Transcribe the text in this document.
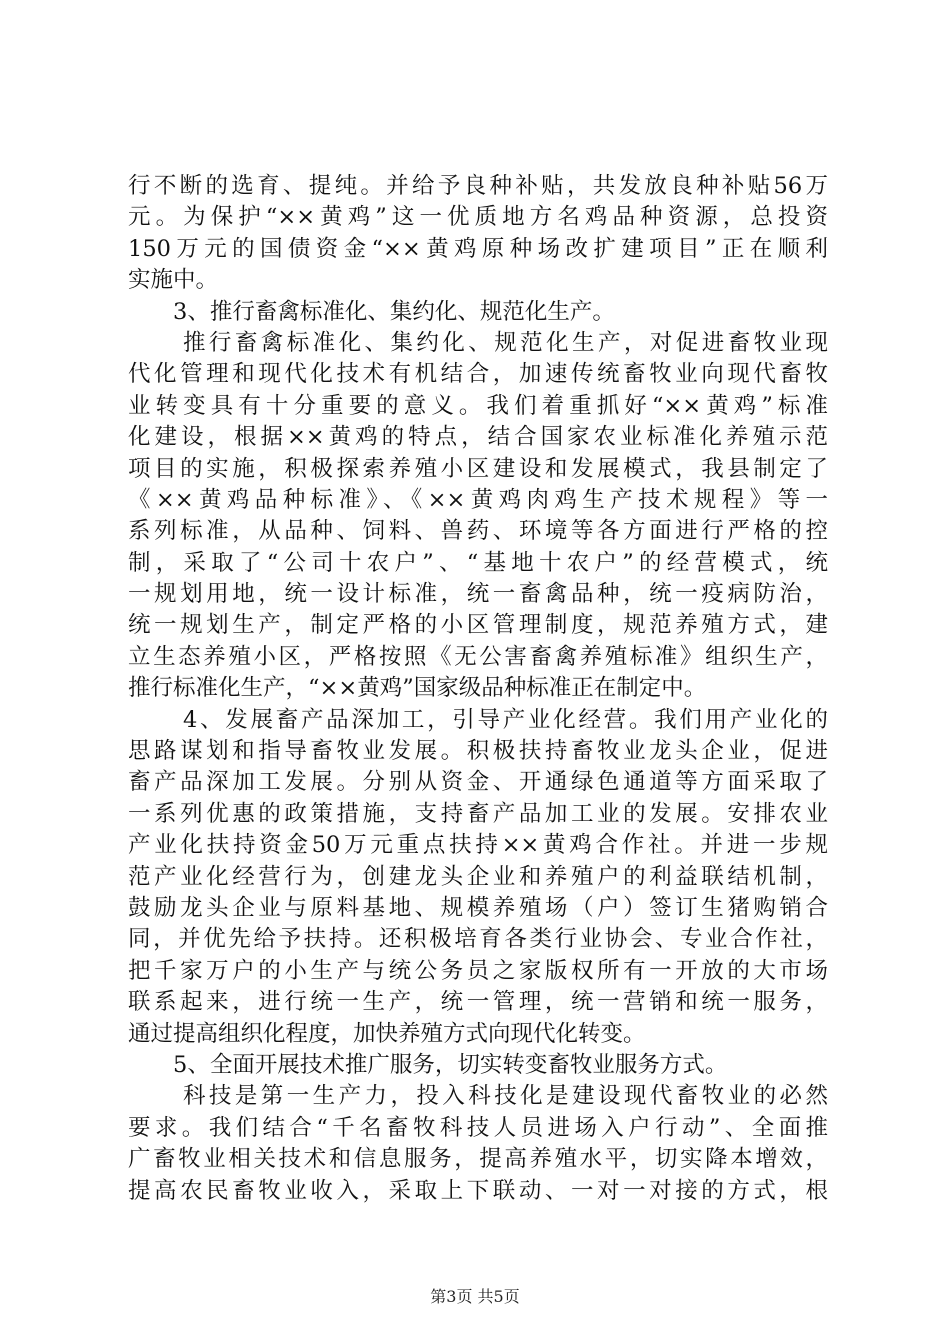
行不断的选育、提纯。并给予良种补贴，共发放良种补贴56万
元。为保护“××黄鸡”这一优质地方名鸡品种资源，总投资
150万元的国债资金“××黄鸡原种场改扩建项目”正在顺利
实施中。
3、推行畜禽标准化、集约化、规范化生产。
推行畜禽标准化、集约化、规范化生产，对促进畜牧业现
代化管理和现代化技术有机结合，加速传统畜牧业向现代畜牧
业转变具有十分重要的意义。我们着重抓好“××黄鸡”标准
化建设，根据××黄鸡的特点，结合国家农业标准化养殖示范
项目的实施，积极探索养殖小区建设和发展模式，我县制定了
《××黄鸡品种标准》、《××黄鸡肉鸡生产技术规程》等一
系列标准，从品种、饲料、兽药、环境等各方面进行严格的控
制，采取了“公司十农户”、“基地十农户”的经营模式，统
一规划用地，统一设计标准，统一畜禽品种，统一疫病防治，
统一规划生产，制定严格的小区管理制度，规范养殖方式，建
立生态养殖小区，严格按照《无公害畜禽养殖标准》组织生产，
推行标准化生产，“××黄鸡”国家级品种标准正在制定中。
4、发展畜产品深加工，引导产业化经营。我们用产业化的
思路谋划和指导畜牧业发展。积极扶持畜牧业龙头企业，促进
畜产品深加工发展。分别从资金、开通绿色通道等方面采取了
一系列优惠的政策措施，支持畜产品加工业的发展。安排农业
产业化扶持资金50万元重点扶持××黄鸡合作社。并进一步规
范产业化经营行为，创建龙头企业和养殖户的利益联结机制，
鼓励龙头企业与原料基地、规模养殖场（户）签订生猪购销合
同，并优先给予扶持。还积极培育各类行业协会、专业合作社，
把千家万户的小生产与统公务员之家版权所有一开放的大市场
联系起来，进行统一生产，统一管理，统一营销和统一服务，
通过提高组织化程度，加快养殖方式向现代化转变。
5、全面开展技术推广服务，切实转变畜牧业服务方式。
科技是第一生产力，投入科技化是建设现代畜牧业的必然
要求。我们结合“千名畜牧科技人员进场入户行动”、全面推
广畜牧业相关技术和信息服务，提高养殖水平，切实降本增效，
提高农民畜牧业收入，采取上下联动、一对一对接的方式，根
第3页 共5页
